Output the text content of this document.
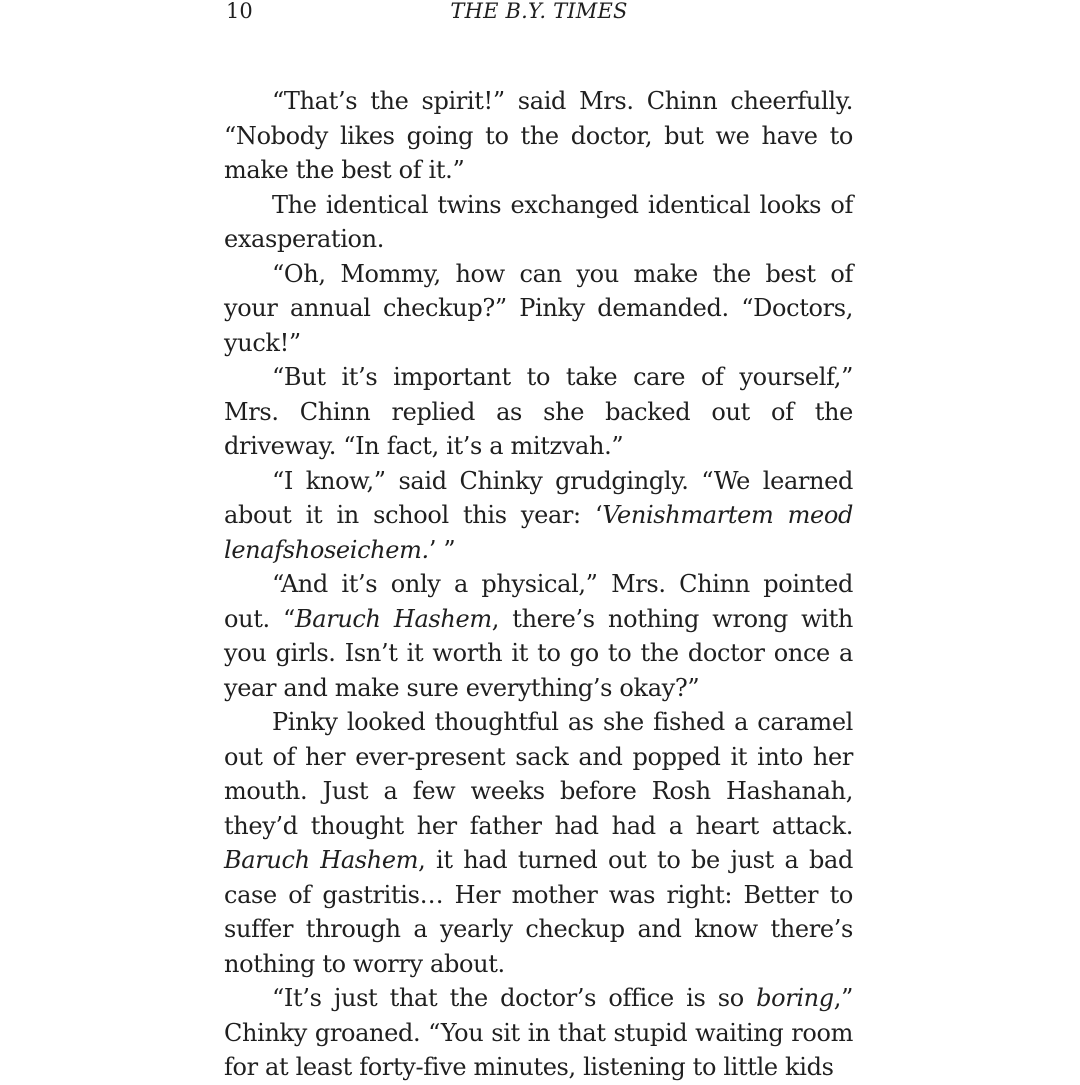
10	THE B.Y. TIMES

“That’s the spirit!” said Mrs. Chinn cheerfully. “Nobody likes going to the doctor, but we have to make the best of it.”

The identical twins exchanged identical looks of exasperation.

“Oh, Mommy, how can you make the best of your annual checkup?” Pinky demanded. “Doctors, yuck!”

“But it’s important to take care of yourself,” Mrs. Chinn replied as she backed out of the driveway. “In fact, it’s a mitzvah.”

“I know,” said Chinky grudgingly. “We learned about it in school this year: ‘Venishmartem meod lenafshoseichem.’ ”

“And it’s only a physical,” Mrs. Chinn pointed out. “Baruch Hashem, there’s nothing wrong with you girls. Isn’t it worth it to go to the doctor once a year and make sure everything’s okay?”

Pinky looked thoughtful as she fished a caramel out of her ever-present sack and popped it into her mouth. Just a few weeks before Rosh Hashanah, they’d thought her father had had a heart attack. Baruch Hashem, it had turned out to be just a bad case of gastritis… Her mother was right: Better to suffer through a yearly checkup and know there’s nothing to worry about.

“It’s just that the doctor’s office is so boring,” Chinky groaned. “You sit in that stupid waiting room for at least forty-five minutes, listening to little kids
